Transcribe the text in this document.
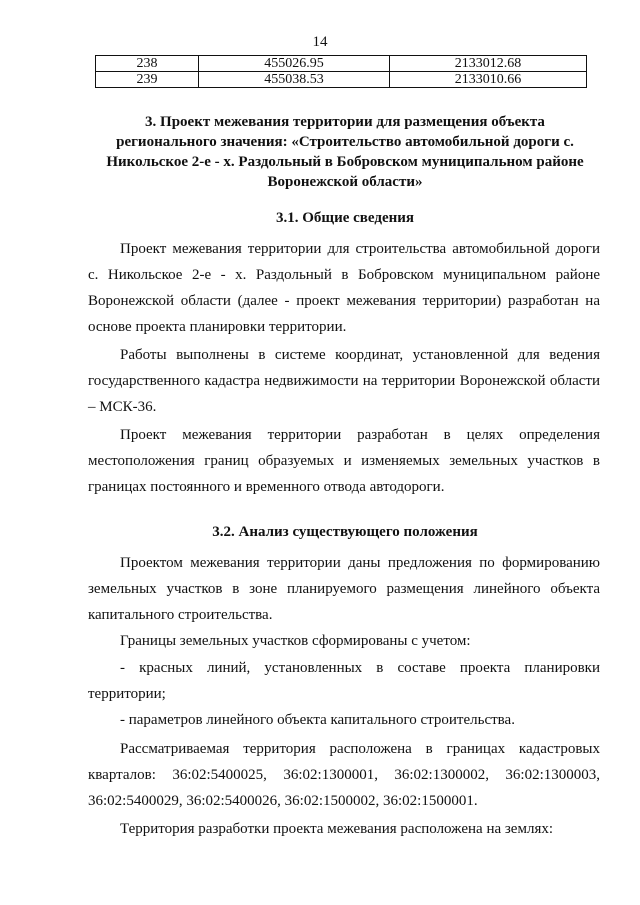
14
238	455026.95	2133012.68
239	455038.53	2133010.66
3. Проект межевания территории для размещения объекта регионального значения: «Строительство автомобильной дороги с. Никольское 2-е - х. Раздольный в Бобровском муниципальном районе Воронежской области»
3.1. Общие сведения
Проект межевания территории для строительства автомобильной дороги с. Никольское 2-е - х. Раздольный в Бобровском муниципальном районе Воронежской области (далее - проект межевания территории) разработан на основе проекта планировки территории.
Работы выполнены в системе координат, установленной для ведения государственного кадастра недвижимости на территории Воронежской области – МСК-36.
Проект межевания территории разработан в целях определения местоположения границ образуемых и изменяемых земельных участков в границах постоянного и временного отвода автодороги.
3.2. Анализ существующего положения
Проектом межевания территории даны предложения по формированию земельных участков в зоне планируемого размещения линейного объекта капитального строительства.
Границы земельных участков сформированы с учетом:
- красных линий, установленных в составе проекта планировки территории;
- параметров линейного объекта капитального строительства.
Рассматриваемая территория расположена в границах кадастровых кварталов: 36:02:5400025, 36:02:1300001, 36:02:1300002, 36:02:1300003, 36:02:5400029, 36:02:5400026, 36:02:1500002, 36:02:1500001.
Территория разработки проекта межевания расположена на землях:
